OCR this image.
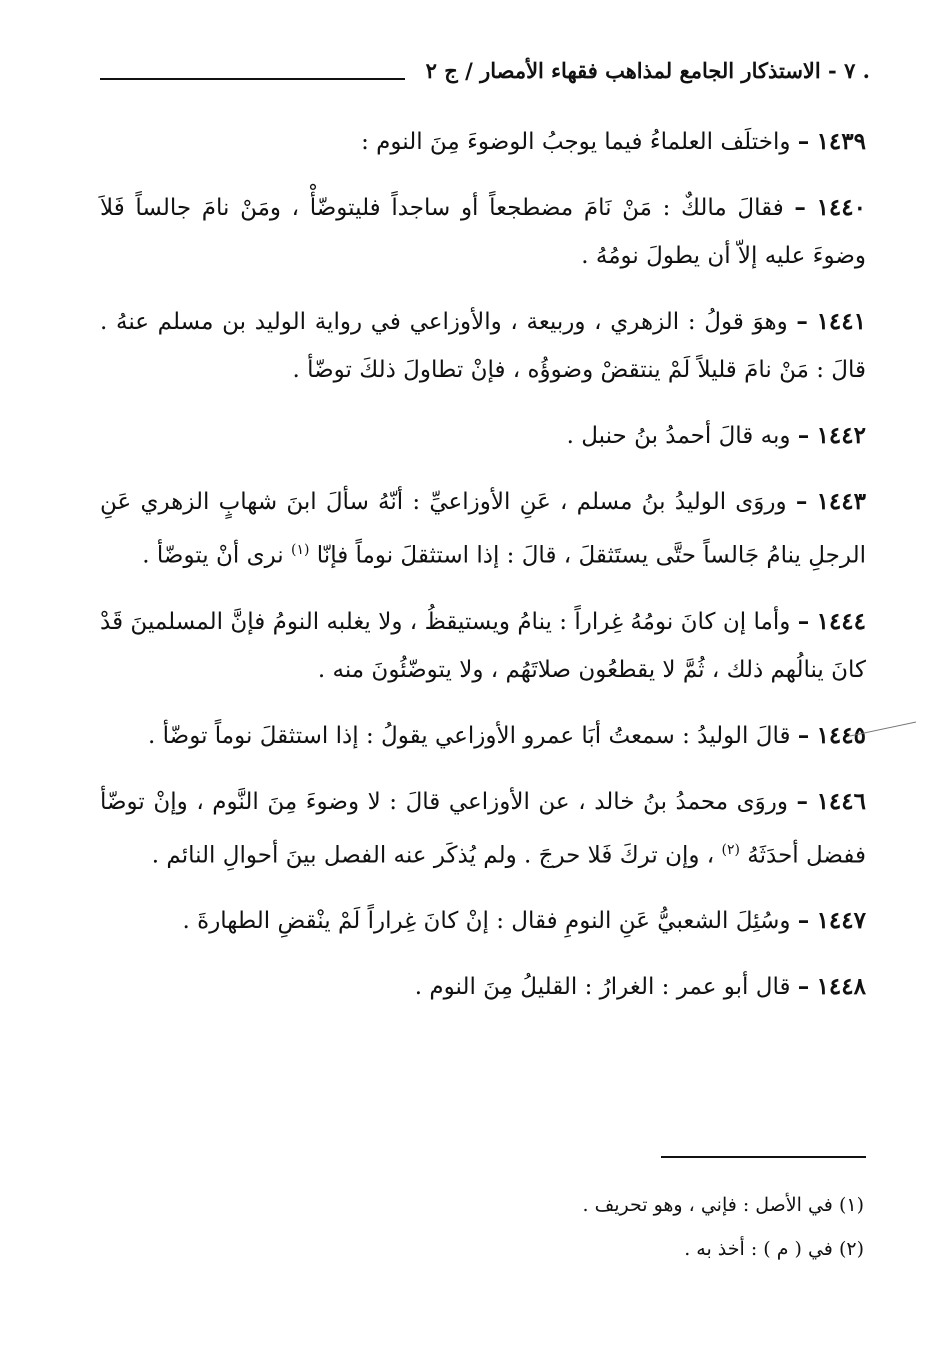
. ٧ - الاستذكار الجامع لمذاهب فقهاء الأمصار / ج ٢

١٤٣٩ – واختلَف العلماءُ فيما يوجبُ الوضوءَ مِنَ النوم :

١٤٤٠ – فقالَ مالكٌ : مَنْ نَامَ مضطجعاً أو ساجداً فليتوضّأْ ، ومَنْ نامَ جالساً فَلاَ وضوءَ عليه إلاّ أن يطولَ نومُهُ .

١٤٤١ – وهوَ قولُ : الزهري ، وربيعة ، والأوزاعي في رواية الوليد بن مسلم عنهُ . قالَ : مَنْ نامَ قليلاً لَمْ ينتقضْ وضوؤُه ، فإنْ تطاولَ ذلكَ توضّأ .

١٤٤٢ – وبه قالَ أحمدُ بنُ حنبل .

١٤٤٣ – وروَى الوليدُ بنُ مسلم ، عَنِ الأوزاعيِّ : أنّهُ سألَ ابنَ شهابٍ الزهري عَنِ الرجلِ ينامُ جَالساً حتَّى يستَثقلَ ، قالَ : إذا استثقلَ نوماً فإنّا $^{(١)}$ نرى أنْ يتوضّأ .

١٤٤٤ – وأما إن كانَ نومُهُ غِراراً : ينامُ ويستيقظُ ، ولا يغلبه النومُ فإنَّ المسلمينَ قَدْ كانَ ينالُهم ذلك ، ثُمَّ لا يقطعُون صلاتَهُم ، ولا يتوضّئُونَ منه .

١٤٤٥ – قالَ الوليدُ : سمعتُ أبَا عمرو الأوزاعي يقولُ : إذا استثقلَ نوماً توضّأ .

١٤٤٦ – وروَى محمدُ بنُ خالد ، عن الأوزاعي قالَ : لا وضوءَ مِنَ النَّوم ، وإنْ توضّأ ففضل أحدَثَهُ $^{(٢)}$ ، وإن تركَ فَلا حرجَ . ولم يُذكَر عنه الفصل بينَ أحوالِ النائم .

١٤٤٧ – وسُئِلَ الشعبيُّ عَنِ النومِ فقال : إنْ كانَ غِراراً لَمْ ينْقضِ الطهارةَ .

١٤٤٨ – قال أبو عمر : الغرارُ : القليلُ مِنَ النوم .

(١) في الأصل : فإني ، وهو تحريف .

(٢) في ( م ) : أخذ به .
